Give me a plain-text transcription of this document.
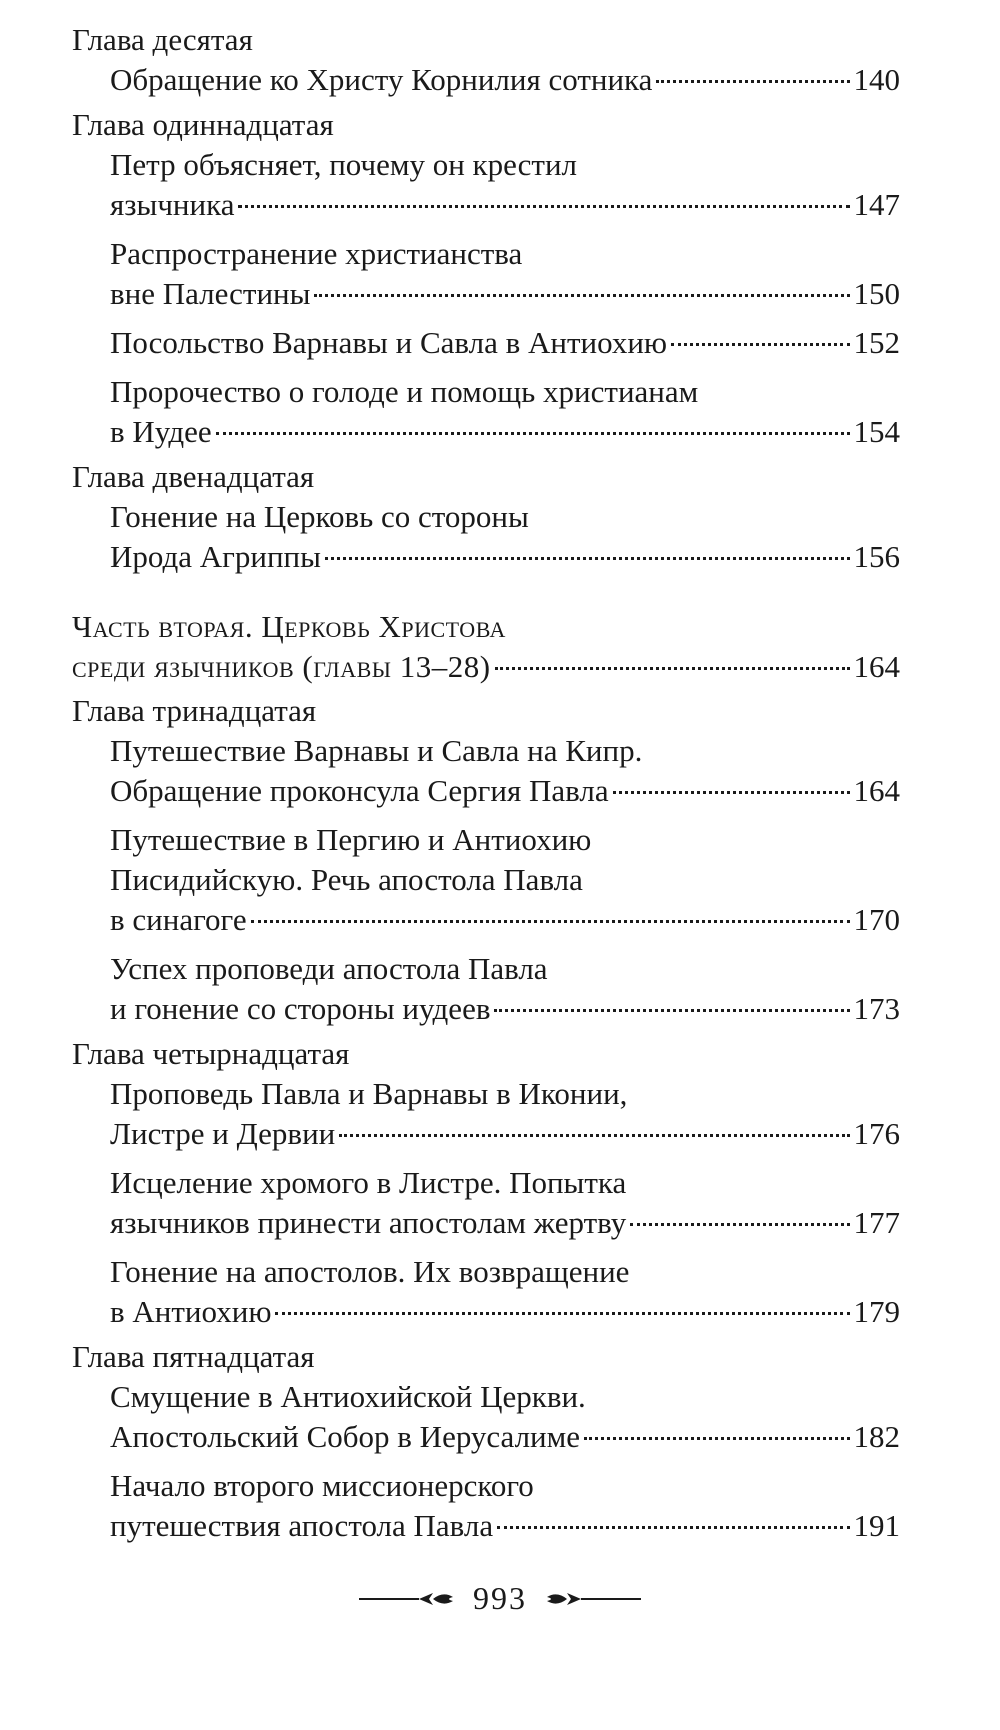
Глава десятая
Обращение ко Христу Корнилия сотника	140
Глава одиннадцатая
Петр объясняет, почему он крестил
язычника	147
Распространение христианства
вне Палестины	150
Посольство Варнавы и Савла в Антиохию	152
Пророчество о голоде и помощь христианам
в Иудее	154
Глава двенадцатая
Гонение на Церковь со стороны
Ирода Агриппы	156
Часть вторая. Церковь Христова
среди язычников (главы 13–28)	164
Глава тринадцатая
Путешествие Варнавы и Савла на Кипр.
Обращение проконсула Сергия Павла	164
Путешествие в Пергию и Антиохию
Писидийскую. Речь апостола Павла
в синагоге	170
Успех проповеди апостола Павла
и гонение со стороны иудеев	173
Глава четырнадцатая
Проповедь Павла и Варнавы в Иконии,
Листре и Дервии	176
Исцеление хромого в Листре. Попытка
язычников принести апостолам жертву	177
Гонение на апостолов. Их возвращение
в Антиохию	179
Глава пятнадцатая
Смущение в Антиохийской Церкви.
Апостольский Собор в Иерусалиме	182
Начало второго миссионерского
путешествия апостола Павла	191
993
